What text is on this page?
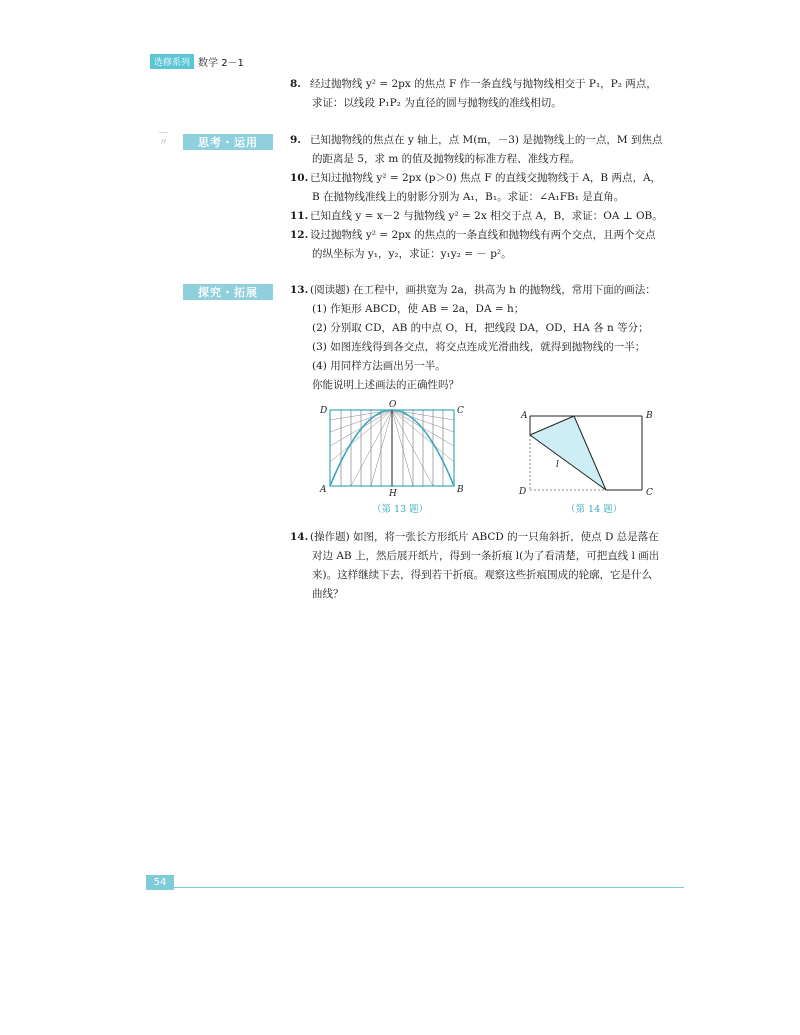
选修系列 数学 2－1
｜〃
8. 经过抛物线 y² = 2px 的焦点 F 作一条直线与抛物线相交于 P₁，P₂ 两点，
求证：以线段 P₁P₂ 为直径的圆与抛物线的准线相切。
思考・运用	9. 已知抛物线的焦点在 y 轴上，点 M(m，－3) 是抛物线上的一点，M 到焦点
的距离是 5，求 m 的值及抛物线的标准方程、准线方程。
10. 已知过抛物线 y² = 2px (p＞0) 焦点 F 的直线交抛物线于 A，B 两点，A，
B 在抛物线准线上的射影分别为 A₁，B₁。求证：∠A₁FB₁ 是直角。
11. 已知直线 y = x－2 与抛物线 y² = 2x 相交于点 A，B，求证：OA ⊥ OB。
12. 设过抛物线 y² = 2px 的焦点的一条直线和抛物线有两个交点，且两个交点
的纵坐标为 y₁，y₂，求证：y₁y₂ = － p²。
探究・拓展	13. (阅读题) 在工程中，画拱宽为 2a，拱高为 h 的抛物线，常用下面的画法：
(1) 作矩形 ABCD，使 AB = 2a，DA = h；
(2) 分别取 CD，AB 的中点 O，H，把线段 DA，OD，HA 各 n 等分；
(3) 如图连线得到各交点，将交点连成光滑曲线，就得到抛物线的一半；
(4) 用同样方法画出另一半。
你能说明上述画法的正确性吗？
D
O
C
A	H	B
（第 13 题）
A	B
D	C
l
（第 14 题）
14. (操作题) 如图，将一张长方形纸片 ABCD 的一只角斜折，使点 D 总是落在
对边 AB 上，然后展开纸片，得到一条折痕 l(为了看清楚，可把直线 l 画出
来)。这样继续下去，得到若干折痕。观察这些折痕围成的轮廓，它是什么
曲线？
54
